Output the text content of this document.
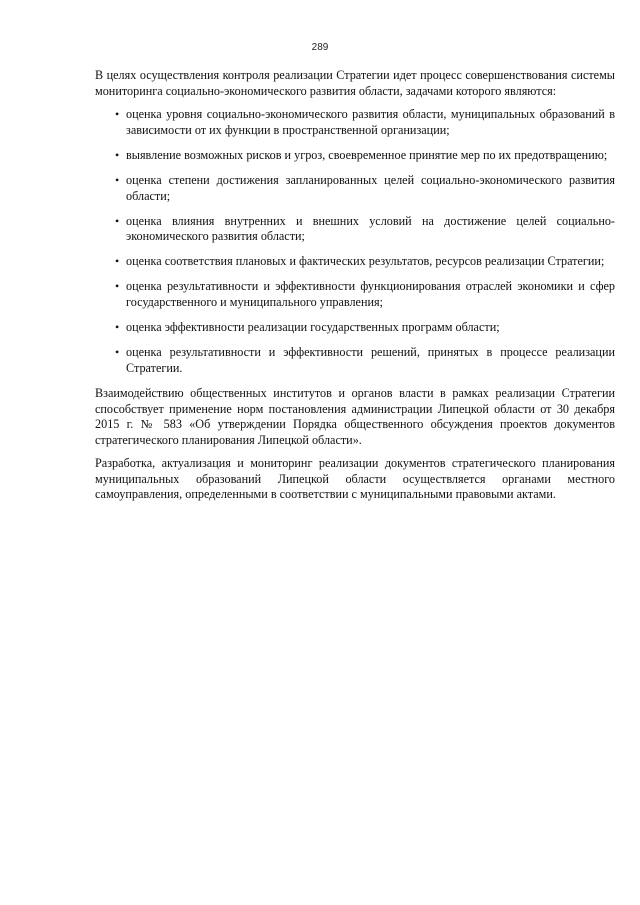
289

В целях осуществления контроля реализации Стратегии идет процесс совершенствования системы мониторинга социально-экономического развития области, задачами которого являются:

• оценка уровня социально-экономического развития области, муниципальных образований в зависимости от их функции в пространственной организации;
• выявление возможных рисков и угроз, своевременное принятие мер по их предотвращению;
• оценка степени достижения запланированных целей социально-экономического развития области;
• оценка влияния внутренних и внешних условий на достижение целей социально-экономического развития области;
• оценка соответствия плановых и фактических результатов, ресурсов реализации Стратегии;
• оценка результативности и эффективности функционирования отраслей экономики и сфер государственного и муниципального управления;
• оценка эффективности реализации государственных программ области;
• оценка результативности и эффективности решений, принятых в процессе реализации Стратегии.

Взаимодействию общественных институтов и органов власти в рамках реализации Стратегии способствует применение норм постановления администрации Липецкой области от 30 декабря 2015 г. № 583 «Об утверждении Порядка общественного обсуждения проектов документов стратегического планирования Липецкой области».

Разработка, актуализация и мониторинг реализации документов стратегического планирования муниципальных образований Липецкой области осуществляется органами местного самоуправления, определенными в соответствии с муниципальными правовыми актами.
